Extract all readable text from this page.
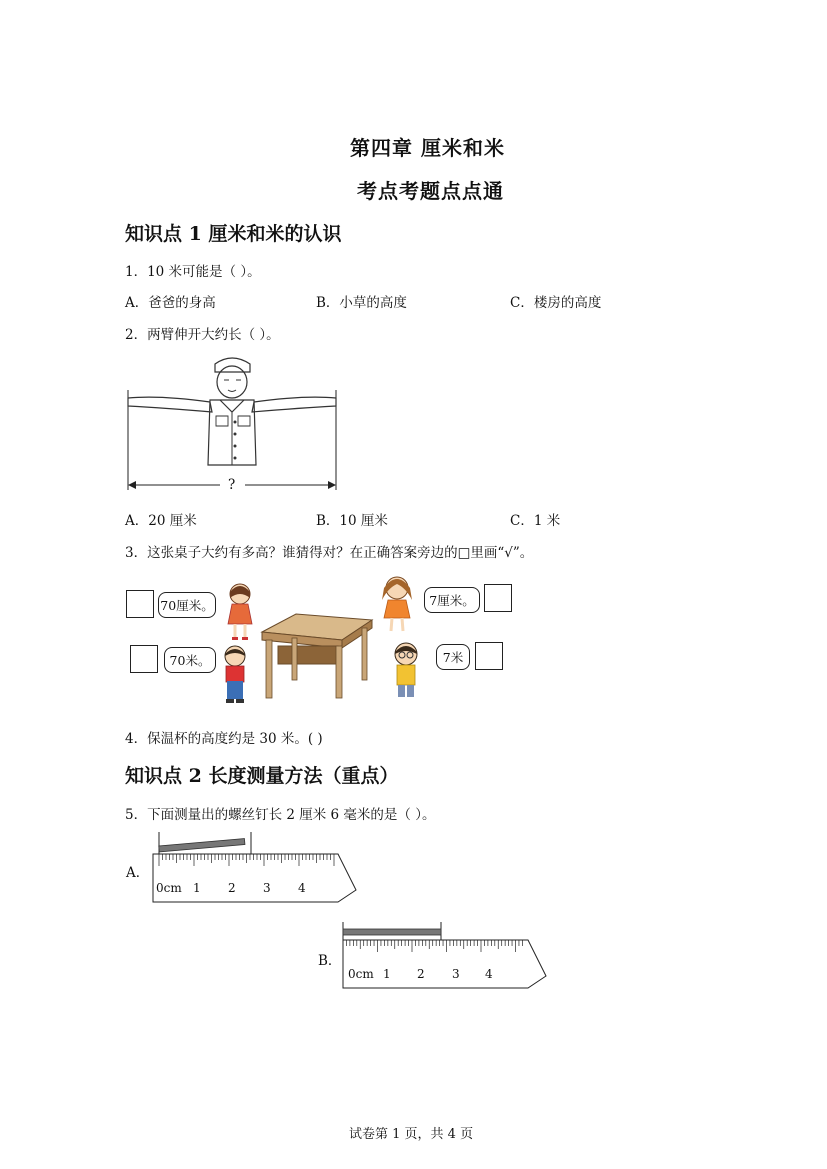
第四章 厘米和米
考点考题点点通
知识点 1 厘米和米的认识
1．10 米可能是（ ）。
A．爸爸的身高	B．小草的高度	C．楼房的高度
2．两臂伸开大约长（ ）。
?
A．20 厘米	B．10 厘米	C．1 米
3．这张桌子大约有多高？谁猜得对？在正确答案旁边的□里画“√”。
70厘米。
70米。
7厘米。
7米
4．保温杯的高度约是 30 米。( )
知识点 2 长度测量方法（重点）
5．下面测量出的螺丝钉长 2 厘米 6 毫米的是（ ）。
A．
0cm 1 2 3 4
B．
0cm 1 2 3 4
试卷第 1 页，共 4 页
